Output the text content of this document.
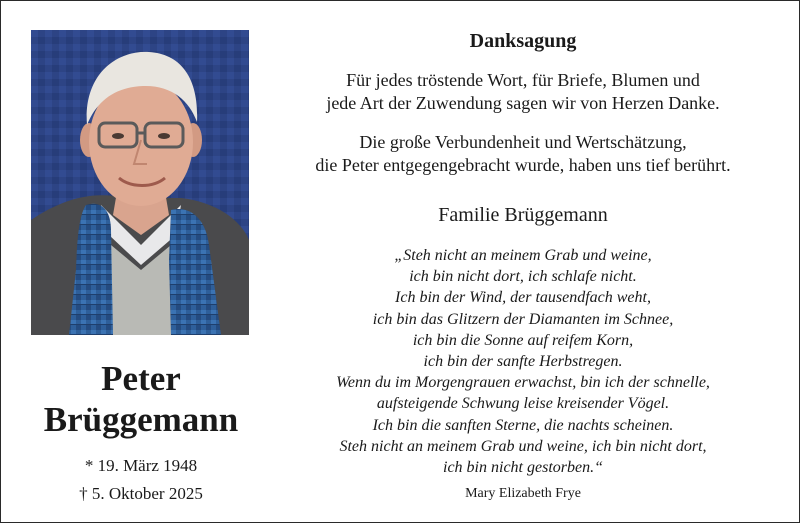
Peter
Brüggemann
* 19. März 1948
† 5. Oktober 2025
Danksagung
Für jedes tröstende Wort, für Briefe, Blumen und
jede Art der Zuwendung sagen wir von Herzen Danke.
Die große Verbundenheit und Wertschätzung,
die Peter entgegengebracht wurde, haben uns tief berührt.
Familie Brüggemann
„Steh nicht an meinem Grab und weine,
ich bin nicht dort, ich schlafe nicht.
Ich bin der Wind, der tausendfach weht,
ich bin das Glitzern der Diamanten im Schnee,
ich bin die Sonne auf reifem Korn,
ich bin der sanfte Herbstregen.
Wenn du im Morgengrauen erwachst, bin ich der schnelle,
aufsteigende Schwung leise kreisender Vögel.
Ich bin die sanften Sterne, die nachts scheinen.
Steh nicht an meinem Grab und weine, ich bin nicht dort,
ich bin nicht gestorben.“
Mary Elizabeth Frye
